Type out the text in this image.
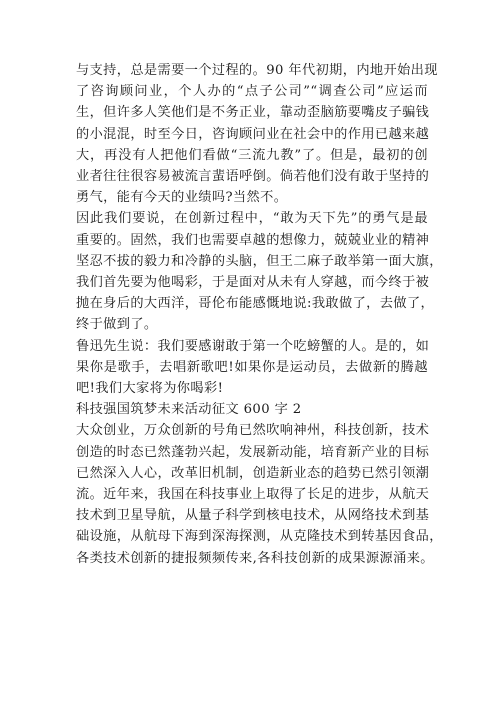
与支持，总是需要一个过程的。90 年代初期，内地开始出现
了咨询顾问业，个人办的“点子公司”“调查公司”应运而
生，但许多人笑他们是不务正业，靠动歪脑筋要嘴皮子骗钱
的小混混，时至今日，咨询顾问业在社会中的作用已越来越
大，再没有人把他们看做“三流九教”了。但是，最初的创
业者往往很容易被流言蜚语呼倒。倘若他们没有敢于坚持的
勇气，能有今天的业绩吗?当然不。

因此我们要说，在创新过程中，“敢为天下先”的勇气是最
重要的。固然，我们也需要卓越的想像力，兢兢业业的精神
坚忍不拔的毅力和冷静的头脑，但王二麻子敢举第一面大旗，
我们首先要为他喝彩，于是面对从未有人穿越，而今终于被
抛在身后的大西洋，哥伦布能感慨地说:我敢做了，去做了，
终于做到了。

鲁迅先生说：我们要感谢敢于第一个吃螃蟹的人。是的，如
果你是歌手，去唱新歌吧!如果你是运动员，去做新的腾越
吧!我们大家将为你喝彩!

科技强国筑梦未来活动征文 600 字 2

大众创业，万众创新的号角已然吹响神州，科技创新，技术
创造的时态已然蓬勃兴起，发展新动能，培育新产业的目标
已然深入人心，改革旧机制，创造新业态的趋势已然引领潮
流。近年来，我国在科技事业上取得了长足的进步，从航天
技术到卫星导航，从量子科学到核电技术，从网络技术到基
础设施，从航母下海到深海探测，从克隆技术到转基因食品，
各类技术创新的捷报频频传来,各科技创新的成果源源涌来。
